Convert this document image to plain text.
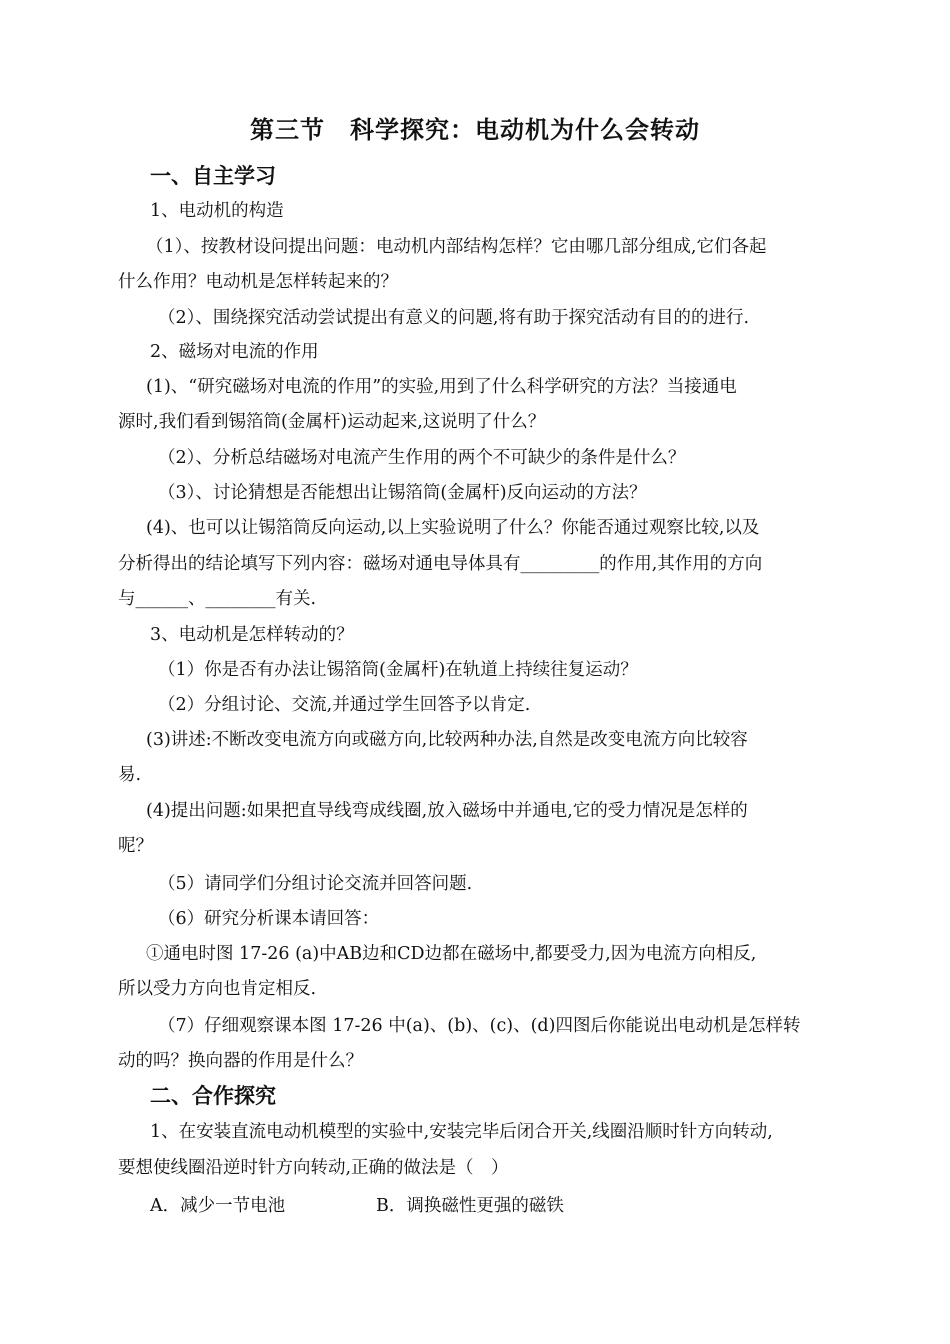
第三节　科学探究：电动机为什么会转动
一、自主学习
1、电动机的构造
（1）、按教材设问提出问题：电动机内部结构怎样？它由哪几部分组成,它们各起
什么作用？电动机是怎样转起来的？
（2）、围绕探究活动尝试提出有意义的问题,将有助于探究活动有目的的进行.
2、磁场对电流的作用
(1)、“研究磁场对电流的作用”的实验,用到了什么科学研究的方法？当接通电
源时,我们看到锡箔筒(金属杆)运动起来,这说明了什么？
（2）、分析总结磁场对电流产生作用的两个不可缺少的条件是什么？
（3）、讨论猜想是否能想出让锡箔筒(金属杆)反向运动的方法？
(4)、也可以让锡箔筒反向运动,以上实验说明了什么？你能否通过观察比较,以及
分析得出的结论填写下列内容：磁场对通电导体具有_________的作用,其作用的方向
与______、________有关.
3、电动机是怎样转动的？
（1）你是否有办法让锡箔筒(金属杆)在轨道上持续往复运动？
（2）分组讨论、交流,并通过学生回答予以肯定.
(3)讲述:不断改变电流方向或磁方向,比较两种办法,自然是改变电流方向比较容
易.
(4)提出问题:如果把直导线弯成线圈,放入磁场中并通电,它的受力情况是怎样的
呢？
（5）请同学们分组讨论交流并回答问题.
（6）研究分析课本请回答：
①通电时图 17-26 (a)中AB边和CD边都在磁场中,都要受力,因为电流方向相反,
所以受力方向也肯定相反.
（7）仔细观察课本图 17-26 中(a)、(b)、(c)、(d)四图后你能说出电动机是怎样转
动的吗？换向器的作用是什么？
二、合作探究
1、在安装直流电动机模型的实验中,安装完毕后闭合开关,线圈沿顺时针方向转动,
要想使线圈沿逆时针方向转动,正确的做法是（　）
A．减少一节电池	B．调换磁性更强的磁铁
